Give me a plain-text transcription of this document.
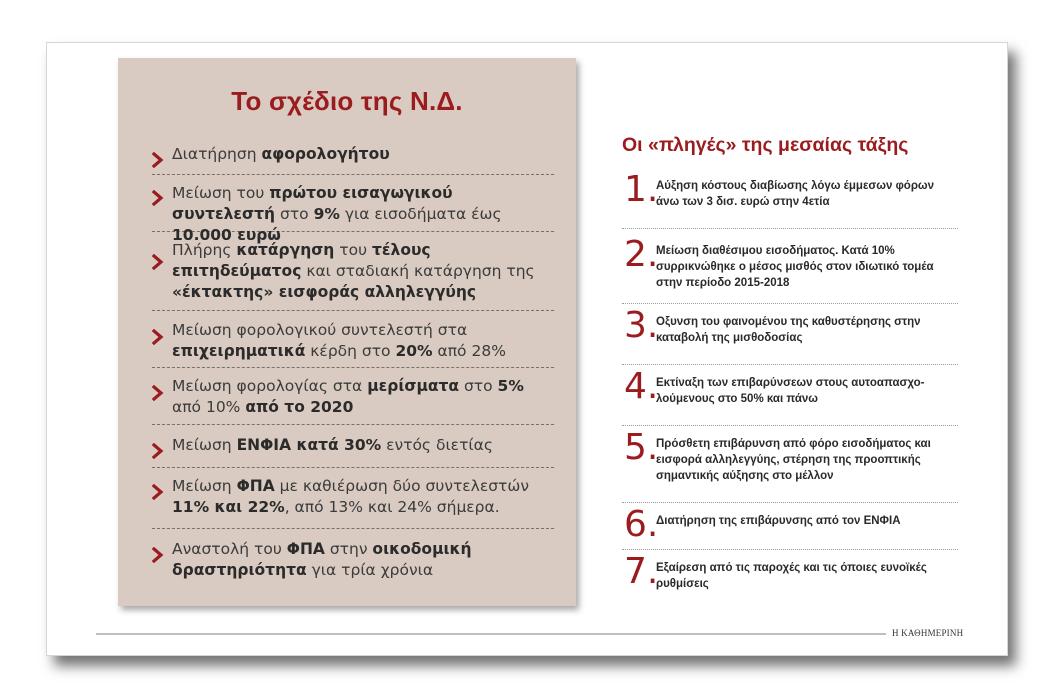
Το σχέδιο της Ν.Δ.
Διατήρηση αφορολογήτου
Μείωση του πρώτου εισαγωγικού συντελεστή στο 9% για εισοδήματα έως 10.000 ευρώ
Πλήρης κατάργηση του τέλους επιτηδεύματος και σταδιακή κατάργηση της «έκτακτης» εισφοράς αλληλεγγύης
Μείωση φορολογικού συντελεστή στα επιχειρηματικά κέρδη στο 20% από 28%
Μείωση φορολογίας στα μερίσματα στο 5% από 10% από το 2020
Μείωση ΕΝΦΙΑ κατά 30% εντός διετίας
Μείωση ΦΠΑ με καθιέρωση δύο συντελεστών 11% και 22%, από 13% και 24% σήμερα.
Αναστολή του ΦΠΑ στην οικοδομική δραστηριότητα για τρία χρόνια
Οι «πληγές» της μεσαίας τάξης
1.
Αύξηση κόστους διαβίωσης λόγω έμμεσων φόρων άνω των 3 δισ. ευρώ στην 4ετία
2.
Μείωση διαθέσιμου εισοδήματος. Κατά 10% συρρικνώθηκε ο μέσος μισθός στον ιδιωτικό τομέα στην περίοδο 2015-2018
3.
Οξυνση του φαινομένου της καθυστέρησης στην καταβολή της μισθοδοσίας
4.
Εκτίναξη των επιβαρύνσεων στους αυτοαπασχο-λούμενους στο 50% και πάνω
5.
Πρόσθετη επιβάρυνση από φόρο εισοδήματος και εισφορά αλληλεγγύης, στέρηση της προοπτικής σημαντικής αύξησης στο μέλλον
6.
Διατήρηση της επιβάρυνσης από τον ΕΝΦΙΑ
7.
Εξαίρεση από τις παροχές και τις όποιες ευνοϊκές ρυθμίσεις
Η ΚΑΘΗΜΕΡΙΝΗ
